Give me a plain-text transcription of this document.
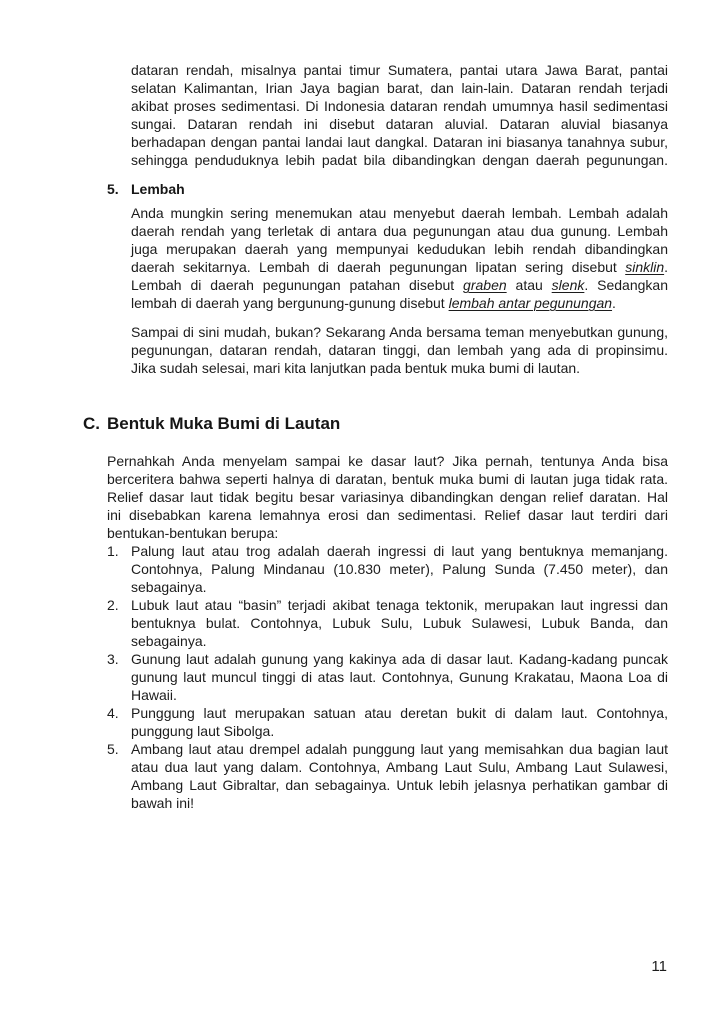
dataran rendah, misalnya pantai timur Sumatera, pantai utara Jawa Barat, pantai
selatan Kalimantan, Irian Jaya bagian barat, dan lain-lain. Dataran rendah terjadi
akibat proses sedimentasi. Di Indonesia dataran rendah umumnya hasil sedimentasi
sungai. Dataran rendah ini disebut dataran aluvial. Dataran aluvial biasanya
berhadapan dengan pantai landai laut dangkal. Dataran ini biasanya tanahnya subur,
sehingga penduduknya lebih padat bila dibandingkan dengan daerah pegunungan.
5. Lembah
Anda mungkin sering menemukan atau menyebut daerah lembah. Lembah adalah
daerah rendah yang terletak di antara dua pegunungan atau dua gunung. Lembah
juga merupakan daerah yang mempunyai kedudukan lebih rendah dibandingkan
daerah sekitarnya. Lembah di daerah pegunungan lipatan sering disebut sinklin.
Lembah di daerah pegunungan patahan disebut graben atau slenk. Sedangkan
lembah di daerah yang bergunung-gunung disebut lembah antar pegunungan.
Sampai di sini mudah, bukan? Sekarang Anda bersama teman menyebutkan gunung,
pegunungan, dataran rendah, dataran tinggi, dan lembah yang ada di propinsimu.
Jika sudah selesai, mari kita lanjutkan pada bentuk muka bumi di lautan.
C. Bentuk Muka Bumi di Lautan
Pernahkah Anda menyelam sampai ke dasar laut? Jika pernah, tentunya Anda bisa
berceritera bahwa seperti halnya di daratan, bentuk muka bumi di lautan juga tidak rata.
Relief dasar laut tidak begitu besar variasinya dibandingkan dengan relief daratan. Hal
ini disebabkan karena lemahnya erosi dan sedimentasi. Relief dasar laut terdiri dari
bentukan-bentukan berupa:
1. Palung laut atau trog adalah daerah ingressi di laut yang bentuknya memanjang.
Contohnya, Palung Mindanau (10.830 meter), Palung Sunda (7.450 meter), dan
sebagainya.
2. Lubuk laut atau “basin” terjadi akibat tenaga tektonik, merupakan laut ingressi dan
bentuknya bulat. Contohnya, Lubuk Sulu, Lubuk Sulawesi, Lubuk Banda, dan
sebagainya.
3. Gunung laut adalah gunung yang kakinya ada di dasar laut. Kadang-kadang puncak
gunung laut muncul tinggi di atas laut. Contohnya, Gunung Krakatau, Maona Loa di
Hawaii.
4. Punggung laut merupakan satuan atau deretan bukit di dalam laut. Contohnya,
punggung laut Sibolga.
5. Ambang laut atau drempel adalah punggung laut yang memisahkan dua bagian laut
atau dua laut yang dalam. Contohnya, Ambang Laut Sulu, Ambang Laut Sulawesi,
Ambang Laut Gibraltar, dan sebagainya. Untuk lebih jelasnya perhatikan gambar di
bawah ini!
11
